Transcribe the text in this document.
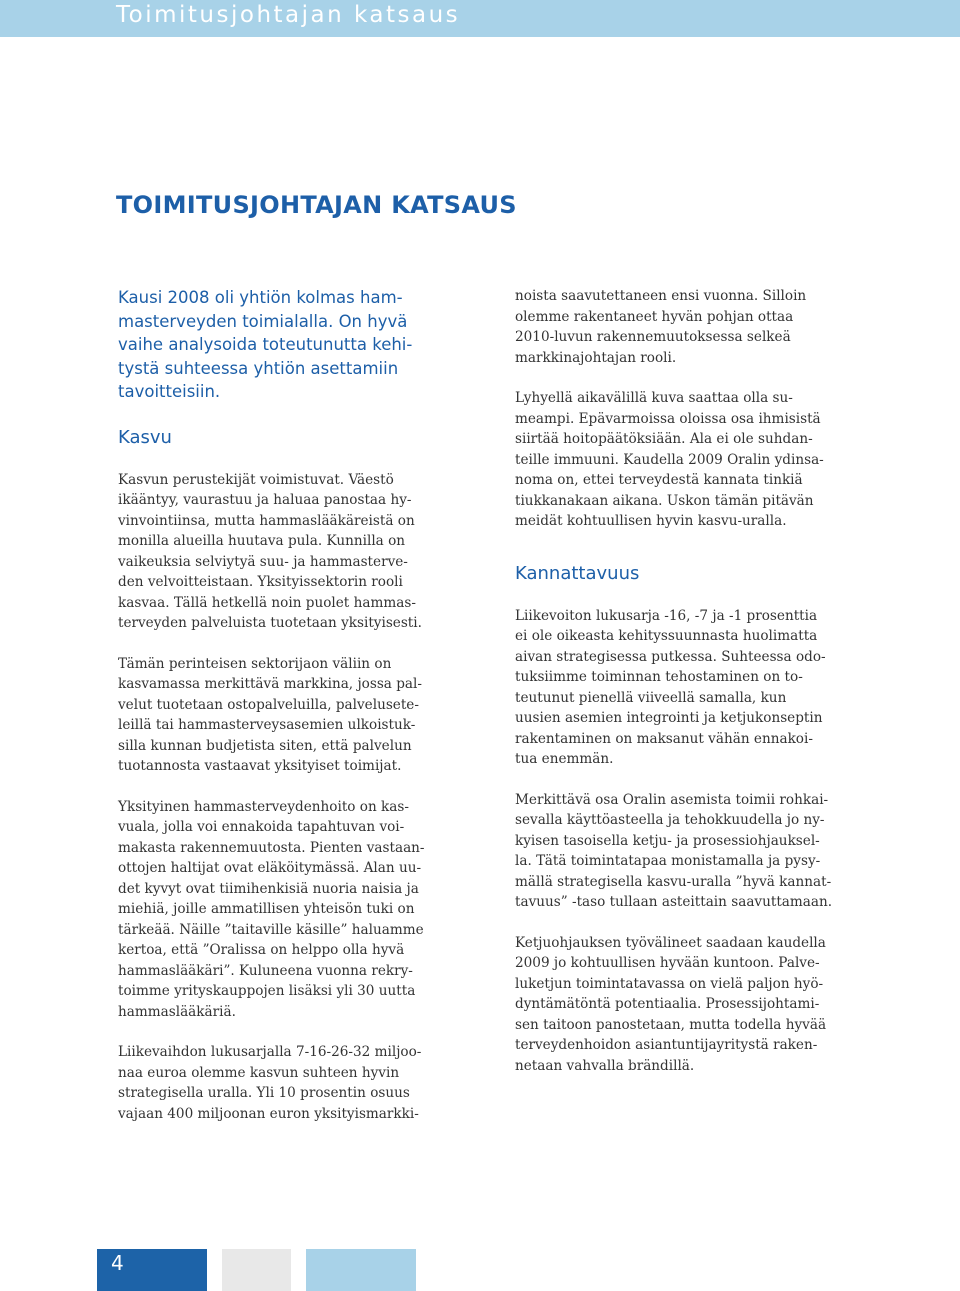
Toimitusjohtajan katsaus
TOIMITUSJOHTAJAN KATSAUS

Kausi 2008 oli yhtiön kolmas ham-
masterveyden toimialalla. On hyvä
vaihe analysoida toteutunutta kehi-
tystä suhteessa yhtiön asettamiin
tavoitteisiin.

Kasvu

Kasvun perustekijät voimistuvat. Väestö
ikääntyy, vaurastuu ja haluaa panostaa hy-
vinvointiinsa, mutta hammaslääkäreistä on
monilla alueilla huutava pula. Kunnilla on
vaikeuksia selviytyä suu- ja hammasterve-
den velvoitteistaan. Yksityissektorin rooli
kasvaa. Tällä hetkellä noin puolet hammas-
terveyden palveluista tuotetaan yksityisesti.

Tämän perinteisen sektorijaon väliin on
kasvamassa merkittävä markkina, jossa pal-
velut tuotetaan ostopalveluilla, palvelusete-
leillä tai hammasterveysasemien ulkoistuk-
silla kunnan budjetista siten, että palvelun
tuotannosta vastaavat yksityiset toimijat.

Yksityinen hammasterveydenhoito on kas-
vuala, jolla voi ennakoida tapahtuvan voi-
makasta rakennemuutosta. Pienten vastaan-
ottojen haltijat ovat eläköitymässä. Alan uu-
det kyvyt ovat tiimihenkisiä nuoria naisia ja
miehiä, joille ammatillisen yhteisön tuki on
tärkeää. Näille ”taitaville käsille” haluamme
kertoa, että ”Oralissa on helppo olla hyvä
hammaslääkäri”. Kuluneena vuonna rekry-
toimme yrityskauppojen lisäksi yli 30 uutta
hammaslääkäriä.

Liikevaihdon lukusarjalla 7-16-26-32 miljoo-
naa euroa olemme kasvun suhteen hyvin
strategisella uralla. Yli 10 prosentin osuus
vajaan 400 miljoonan euron yksityismarkki-

noista saavutettaneen ensi vuonna. Silloin
olemme rakentaneet hyvän pohjan ottaa
2010-luvun rakennemuutoksessa selkeä
markkinajohtajan rooli.

Lyhyellä aikavälillä kuva saattaa olla su-
meampi. Epävarmoissa oloissa osa ihmisistä
siirtää hoitopäätöksiään. Ala ei ole suhdan-
teille immuuni. Kaudella 2009 Oralin ydinsa-
noma on, ettei terveydestä kannata tinkiä
tiukkanakaan aikana. Uskon tämän pitävän
meidät kohtuullisen hyvin kasvu-uralla.

Kannattavuus

Liikevoiton lukusarja -16, -7 ja -1 prosenttia
ei ole oikeasta kehityssuunnasta huolimatta
aivan strategisessa putkessa. Suhteessa odo-
tuksiimme toiminnan tehostaminen on to-
teutunut pienellä viiveellä samalla, kun
uusien asemien integrointi ja ketjukonseptin
rakentaminen on maksanut vähän ennakoi-
tua enemmän.

Merkittävä osa Oralin asemista toimii rohkai-
sevalla käyttöasteella ja tehokkuudella jo ny-
kyisen tasoisella ketju- ja prosessiohjauksel-
la. Tätä toimintatapaa monistamalla ja pysy-
mällä strategisella kasvu-uralla ”hyvä kannat-
tavuus” -taso tullaan asteittain saavuttamaan.

Ketjuohjauksen työvälineet saadaan kaudella
2009 jo kohtuullisen hyvään kuntoon. Palve-
luketjun toimintatavassa on vielä paljon hyö-
dyntämätöntä potentiaalia. Prosessijohtami-
sen taitoon panostetaan, mutta todella hyvää
terveydenhoidon asiantuntijayritystä raken-
netaan vahvalla brändillä.

4
